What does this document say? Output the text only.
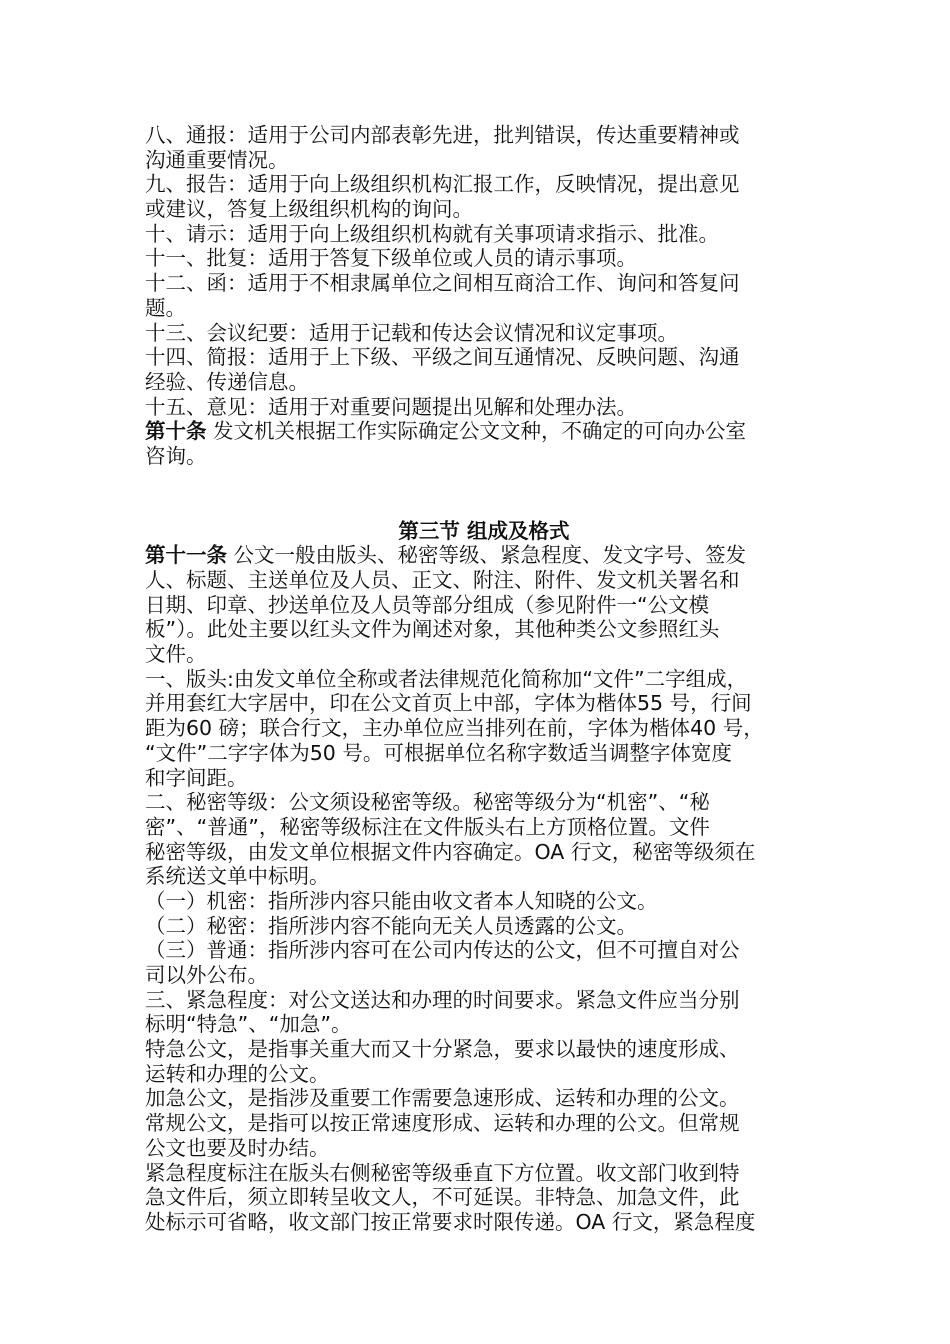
八、通报：适用于公司内部表彰先进，批判错误，传达重要精神或
沟通重要情况。
九、报告：适用于向上级组织机构汇报工作，反映情况，提出意见
或建议，答复上级组织机构的询问。
十、请示：适用于向上级组织机构就有关事项请求指示、批准。
十一、批复：适用于答复下级单位或人员的请示事项。
十二、函：适用于不相隶属单位之间相互商洽工作、询问和答复问
题。
十三、会议纪要：适用于记载和传达会议情况和议定事项。
十四、简报：适用于上下级、平级之间互通情况、反映问题、沟通
经验、传递信息。
十五、意见：适用于对重要问题提出见解和处理办法。
第十条 发文机关根据工作实际确定公文文种，不确定的可向办公室
咨询。
第三节 组成及格式
第十一条 公文一般由版头、秘密等级、紧急程度、发文字号、签发
人、标题、主送单位及人员、正文、附注、附件、发文机关署名和
日期、印章、抄送单位及人员等部分组成（参见附件一“公文模
板”）。此处主要以红头文件为阐述对象，其他种类公文参照红头
文件。
一、版头:由发文单位全称或者法律规范化简称加“文件”二字组成，
并用套红大字居中，印在公文首页上中部，字体为楷体55 号，行间
距为60 磅；联合行文，主办单位应当排列在前，字体为楷体40 号，
“文件”二字字体为50 号。可根据单位名称字数适当调整字体宽度
和字间距。
二、秘密等级：公文须设秘密等级。秘密等级分为“机密”、“秘
密”、“普通”，秘密等级标注在文件版头右上方顶格位置。文件
秘密等级，由发文单位根据文件内容确定。OA 行文，秘密等级须在
系统送文单中标明。
（一）机密：指所涉内容只能由收文者本人知晓的公文。
（二）秘密：指所涉内容不能向无关人员透露的公文。
（三）普通：指所涉内容可在公司内传达的公文，但不可擅自对公
司以外公布。
三、紧急程度：对公文送达和办理的时间要求。紧急文件应当分别
标明“特急”、“加急”。
特急公文，是指事关重大而又十分紧急，要求以最快的速度形成、
运转和办理的公文。
加急公文，是指涉及重要工作需要急速形成、运转和办理的公文。
常规公文，是指可以按正常速度形成、运转和办理的公文。但常规
公文也要及时办结。
紧急程度标注在版头右侧秘密等级垂直下方位置。收文部门收到特
急文件后，须立即转呈收文人，不可延误。非特急、加急文件，此
处标示可省略，收文部门按正常要求时限传递。OA 行文，紧急程度
